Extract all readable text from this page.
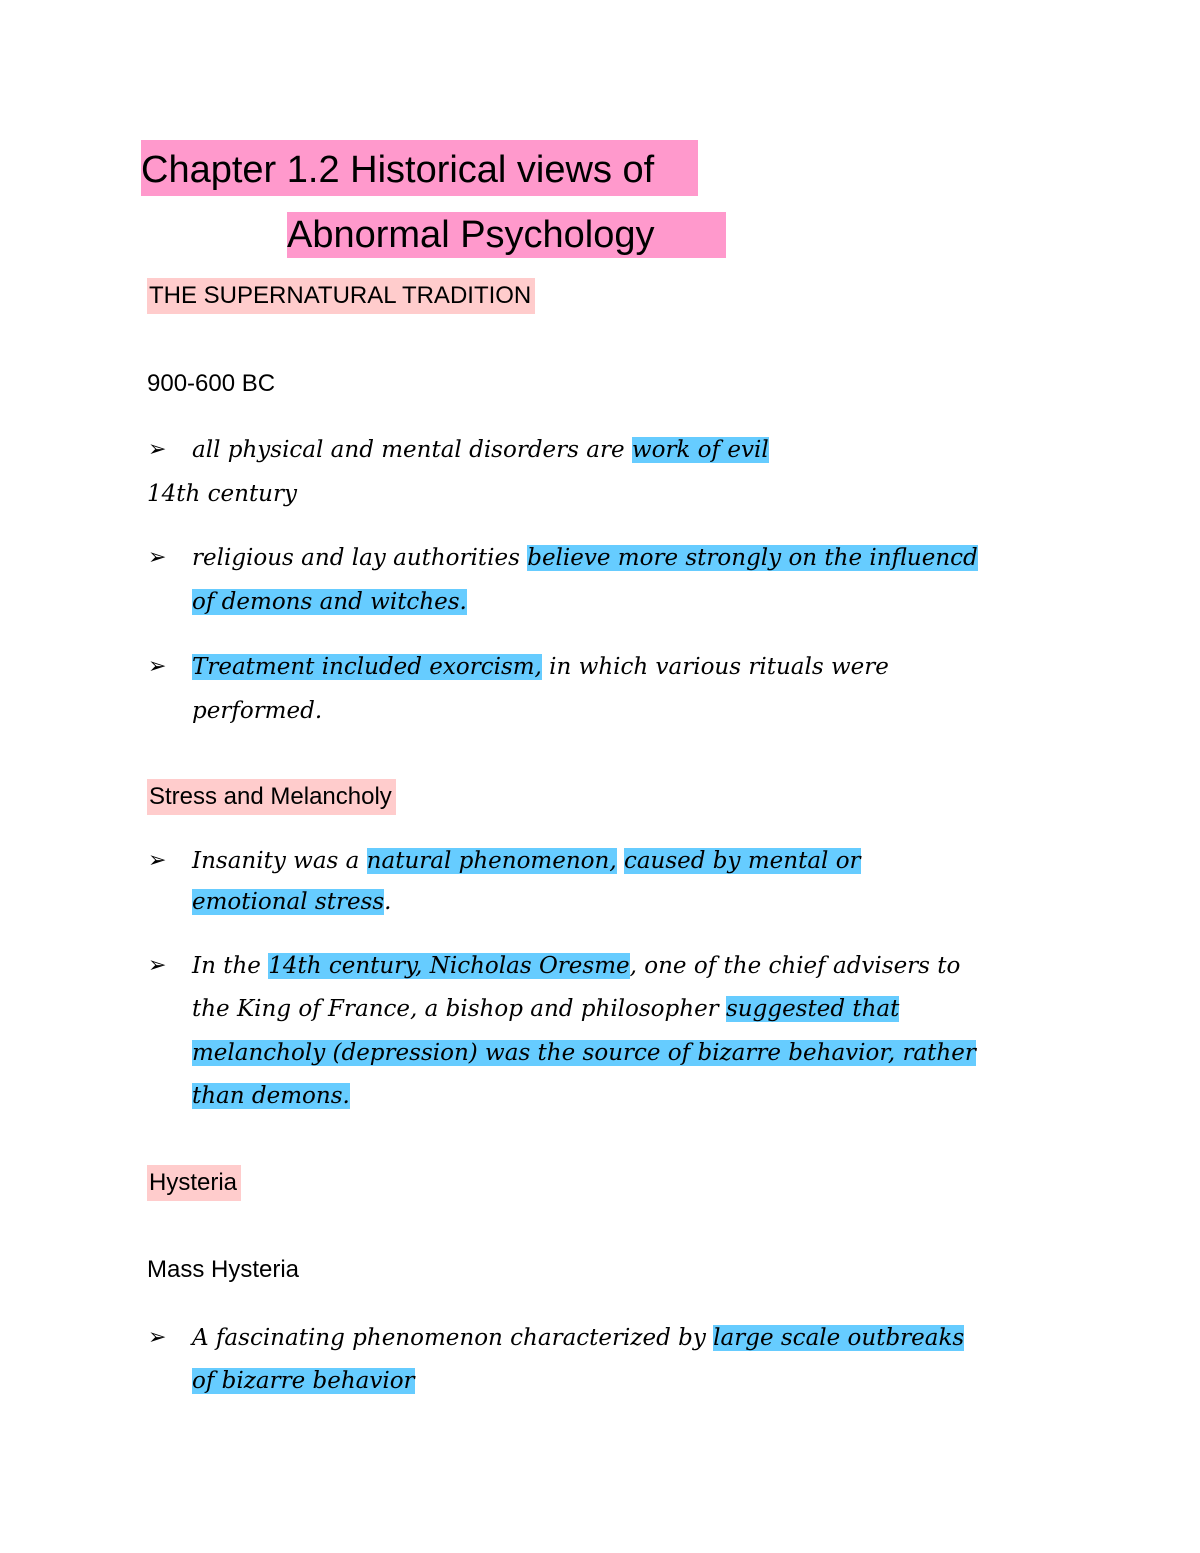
Chapter 1.2 Historical views of
Abnormal Psychology
THE SUPERNATURAL TRADITION
900-600 BC
➢ all physical and mental disorders are work of evil
14th century
➢ religious and lay authorities believe more strongly on the influencd
of demons and witches.
➢ Treatment included exorcism, in which various rituals were
performed.
Stress and Melancholy
➢ Insanity was a natural phenomenon, caused by mental or
emotional stress.
➢ In the 14th century, Nicholas Oresme, one of the chief advisers to
the King of France, a bishop and philosopher suggested that
melancholy (depression) was the source of bizarre behavior, rather
than demons.
Hysteria
Mass Hysteria
➢ A fascinating phenomenon characterized by large scale outbreaks
of bizarre behavior
